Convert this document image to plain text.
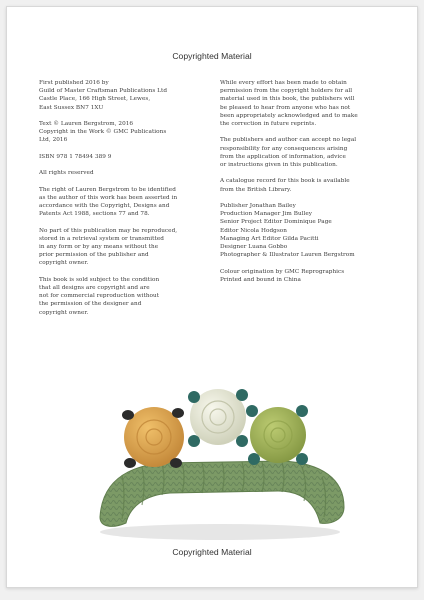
Copyrighted Material
First published 2016 by
Guild of Master Craftsman Publications Ltd
Castle Place, 166 High Street, Lewes,
East Sussex BN7 1XU
Text © Lauren Bergstrom, 2016
Copyright in the Work © GMC Publications
Ltd, 2016
ISBN 978 1 78494 389 9
All rights reserved
The right of Lauren Bergstrom to be identified
as the author of this work has been asserted in
accordance with the Copyright, Designs and
Patents Act 1988, sections 77 and 78.
No part of this publication may be reproduced,
stored in a retrieval system or transmitted
in any form or by any means without the
prior permission of the publisher and
copyright owner.
This book is sold subject to the condition
that all designs are copyright and are
not for commercial reproduction without
the permission of the designer and
copyright owner.
While every effort has been made to obtain
permission from the copyright holders for all
material used in this book, the publishers will
be pleased to hear from anyone who has not
been appropriately acknowledged and to make
the correction in future reprints.
The publishers and author can accept no legal
responsibility for any consequences arising
from the application of information, advice
or instructions given in this publication.
A catalogue record for this book is available
from the British Library.
Publisher Jonathan Bailey
Production Manager Jim Bulley
Senior Project Editor Dominique Page
Editor Nicola Hodgson
Managing Art Editor Gilda Pacitti
Designer Luana Gobbo
Photographer & Illustrator Lauren Bergstrom
Colour origination by GMC Reprographics
Printed and bound in China
Copyrighted Material
